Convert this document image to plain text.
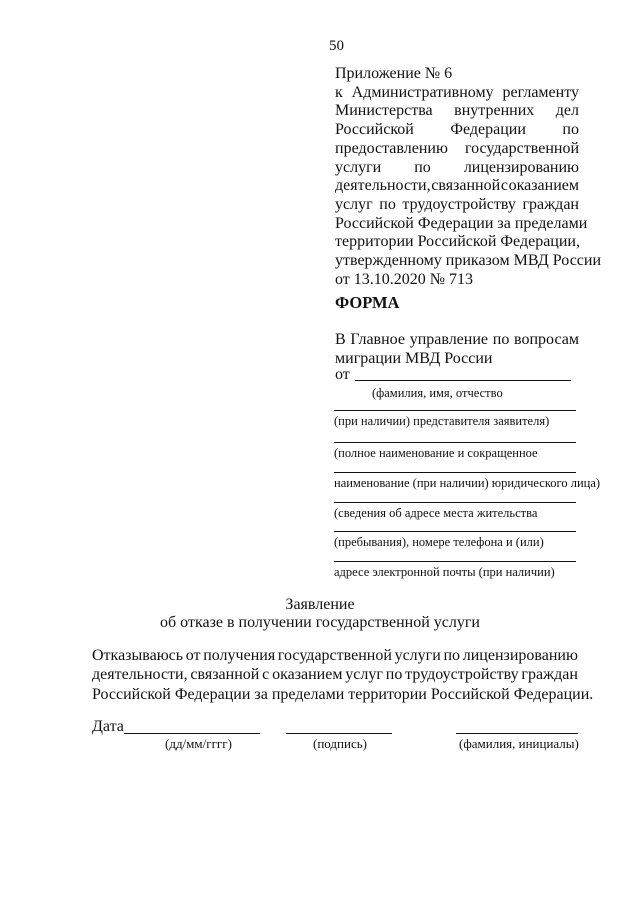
50
Приложение № 6
к Административному регламенту
Министерства внутренних дел
Российской Федерации по
предоставлению государственной
услуги по лицензированию
деятельности, связанной с оказанием
услуг по трудоустройству граждан
Российской Федерации за пределами
территории Российской Федерации,
утвержденному приказом МВД России
от 13.10.2020 № 713
ФОРМА
В Главное управление по вопросам
миграции МВД России
от
(фамилия, имя, отчество
(при наличии) представителя заявителя)
(полное наименование и сокращенное
наименование (при наличии) юридического лица)
(сведения об адресе места жительства
(пребывания), номере телефона и (или)
адресе электронной почты (при наличии)
Заявление
об отказе в получении государственной услуги
Отказываюсь от получения государственной услуги по лицензированию
деятельности, связанной с оказанием услуг по трудоустройству граждан
Российской Федерации за пределами территории Российской Федерации.
Дата
(дд/мм/гггг)	(подпись)	(фамилия, инициалы)
